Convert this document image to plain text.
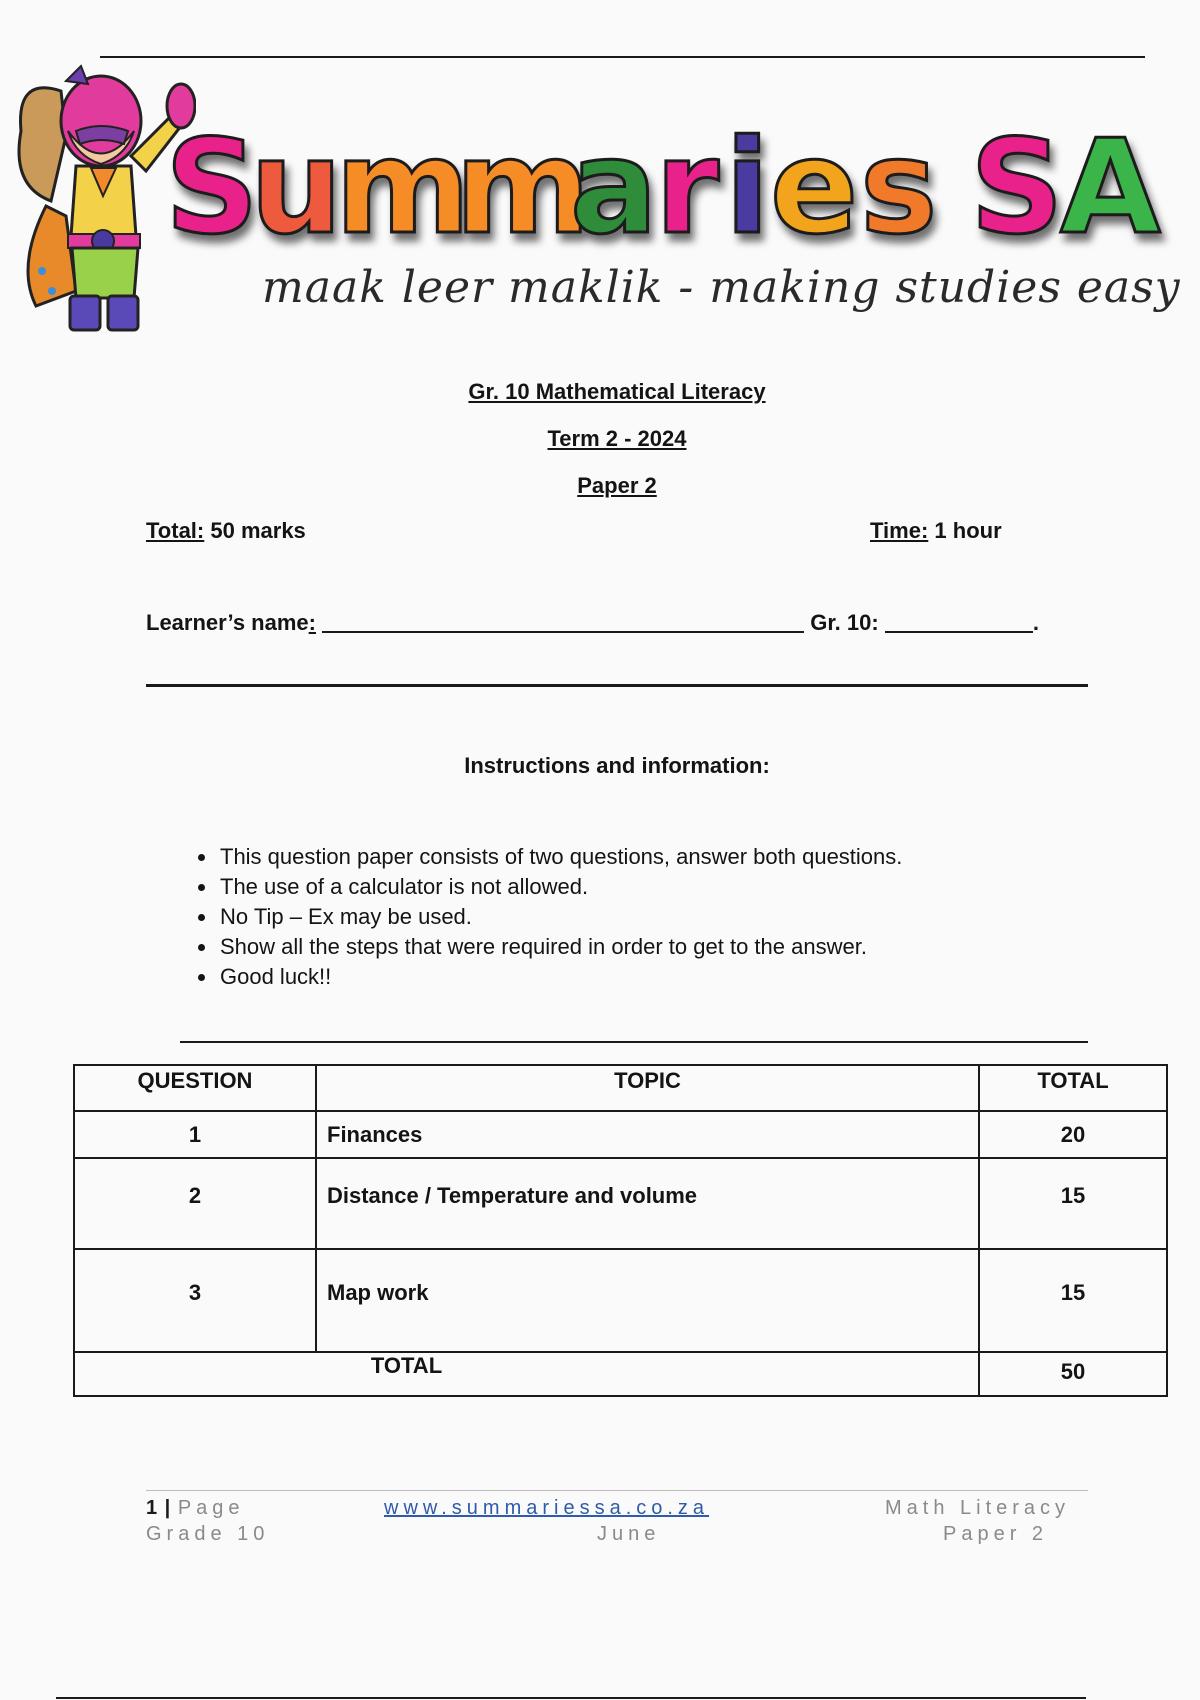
S
u
m
m
a
r i e s S
A
maak leer maklik - making studies easy
Gr. 10 Mathematical Literacy
Term 2 - 2024
Paper 2
Total: 50 marks	Time: 1 hour
Learner’s name:	Gr. 10:	.
Instructions and information:
• This question paper consists of two questions, answer both questions.
• The use of a calculator is not allowed.
• No Tip – Ex may be used.
• Show all the steps that were required in order to get to the answer.
• Good luck!!
QUESTION	TOPIC	TOTAL
1	Finances	20
2	Distance / Temperature and volume	15
3	Map work	15
TOTAL		50
1 | Page	www.summariessa.co.za	Math Literacy
Grade 10	June	Paper 2
